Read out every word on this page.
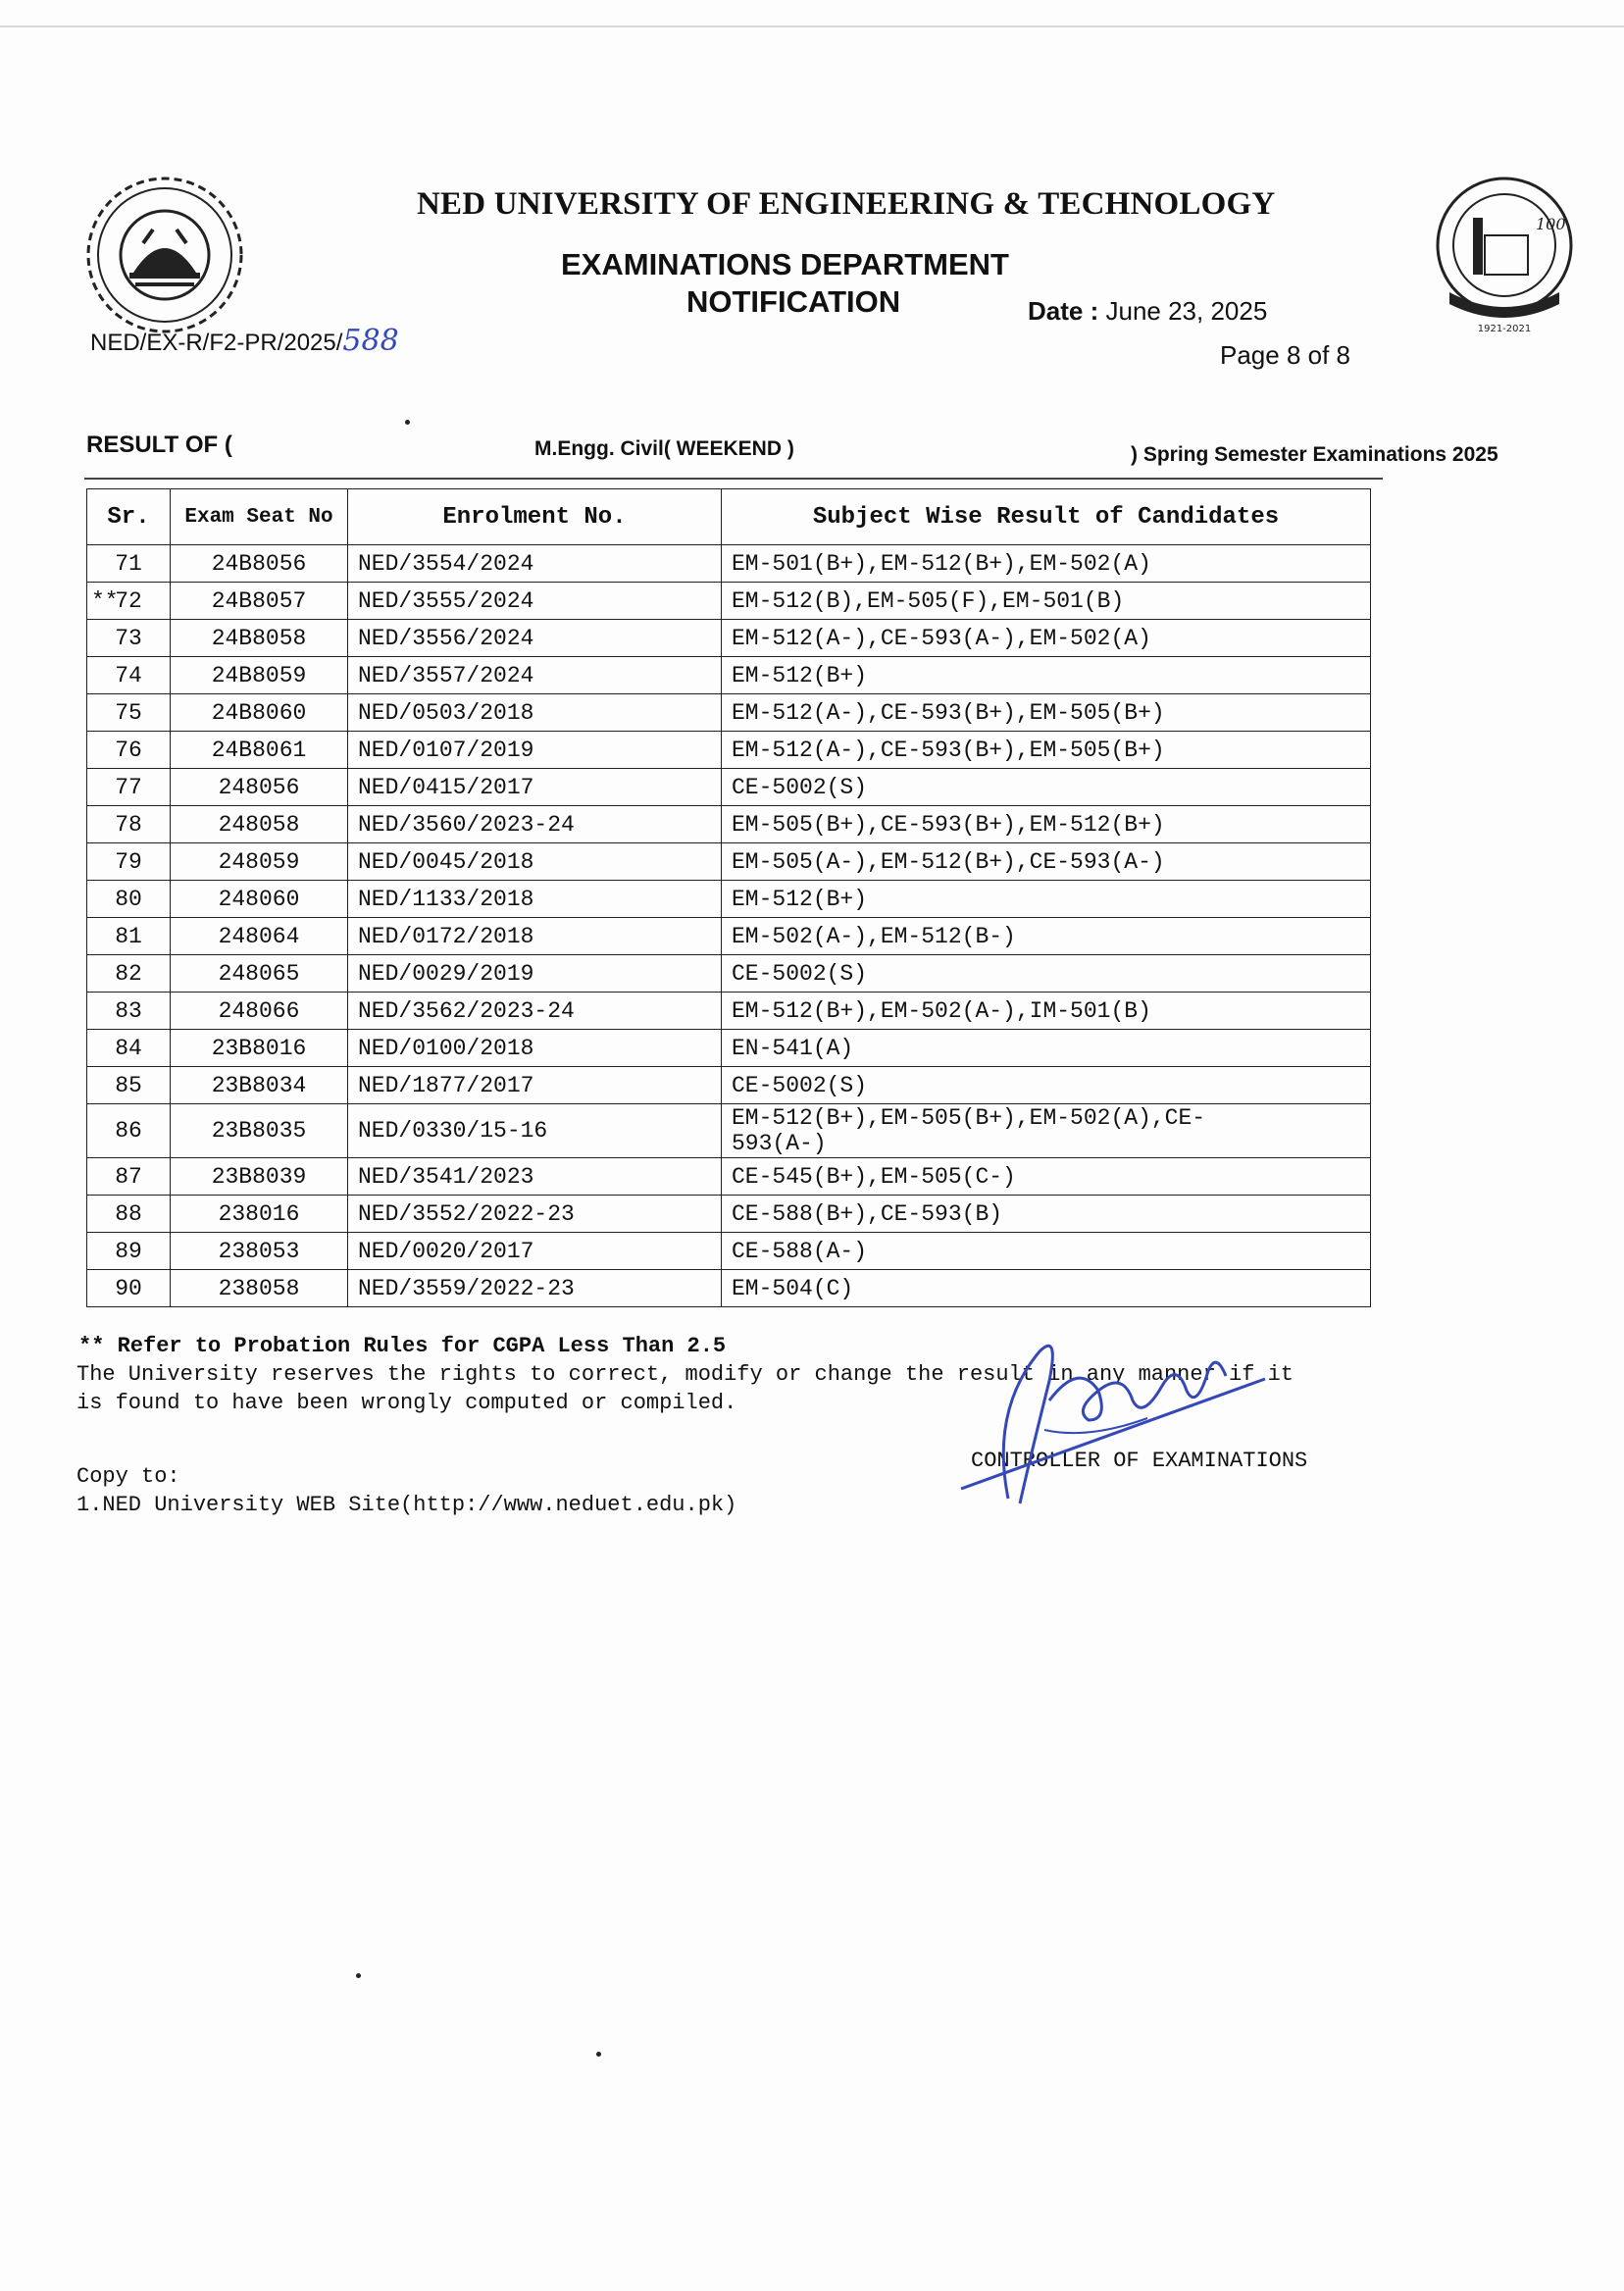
100
1921-2021
NED UNIVERSITY OF ENGINEERING & TECHNOLOGY
EXAMINATIONS DEPARTMENT
NOTIFICATION
NED/EX-R/F2-PR/2025/588
Date : June 23, 2025
Page 8 of 8
RESULT OF (	M.Engg. Civil( WEEKEND )	) Spring Semester Examinations 2025
Sr.	Exam Seat No	Enrolment No.	Subject Wise Result of Candidates

71	24B8056	NED/3554/2024	EM-501(B+),EM-512(B+),EM-502(A)

**
72	24B8057	NED/3555/2024	EM-512(B),EM-505(F),EM-501(B)

73	24B8058	NED/3556/2024	EM-512(A-),CE-593(A-),EM-502(A)

74	24B8059	NED/3557/2024	EM-512(B+)

75	24B8060	NED/0503/2018	EM-512(A-),CE-593(B+),EM-505(B+)

76	24B8061	NED/0107/2019	EM-512(A-),CE-593(B+),EM-505(B+)

77	248056	NED/0415/2017	CE-5002(S)

78	248058	NED/3560/2023-24	EM-505(B+),CE-593(B+),EM-512(B+)

79	248059	NED/0045/2018	EM-505(A-),EM-512(B+),CE-593(A-)

80	248060	NED/1133/2018	EM-512(B+)

81	248064	NED/0172/2018	EM-502(A-),EM-512(B-)

82	248065	NED/0029/2019	CE-5002(S)

83	248066	NED/3562/2023-24	EM-512(B+),EM-502(A-),IM-501(B)

84	23B8016	NED/0100/2018	EN-541(A)

85	23B8034	NED/1877/2017	CE-5002(S)

86	23B8035	NED/0330/15-16	EM-512(B+),EM-505(B+),EM-502(A),CE-593(A-)

87	23B8039	NED/3541/2023	CE-545(B+),EM-505(C-)

88	238016	NED/3552/2022-23	CE-588(B+),CE-593(B)

89	238053	NED/0020/2017	CE-588(A-)

90	238058	NED/3559/2022-23	EM-504(C)
** Refer to Probation Rules for CGPA Less Than 2.5
The University reserves the rights to correct, modify or change the result in any manner if it
is found to have been wrongly computed or compiled.
Copy to:
1.NED University WEB Site(http://www.neduet.edu.pk)
CONTROLLER OF EXAMINATIONS
